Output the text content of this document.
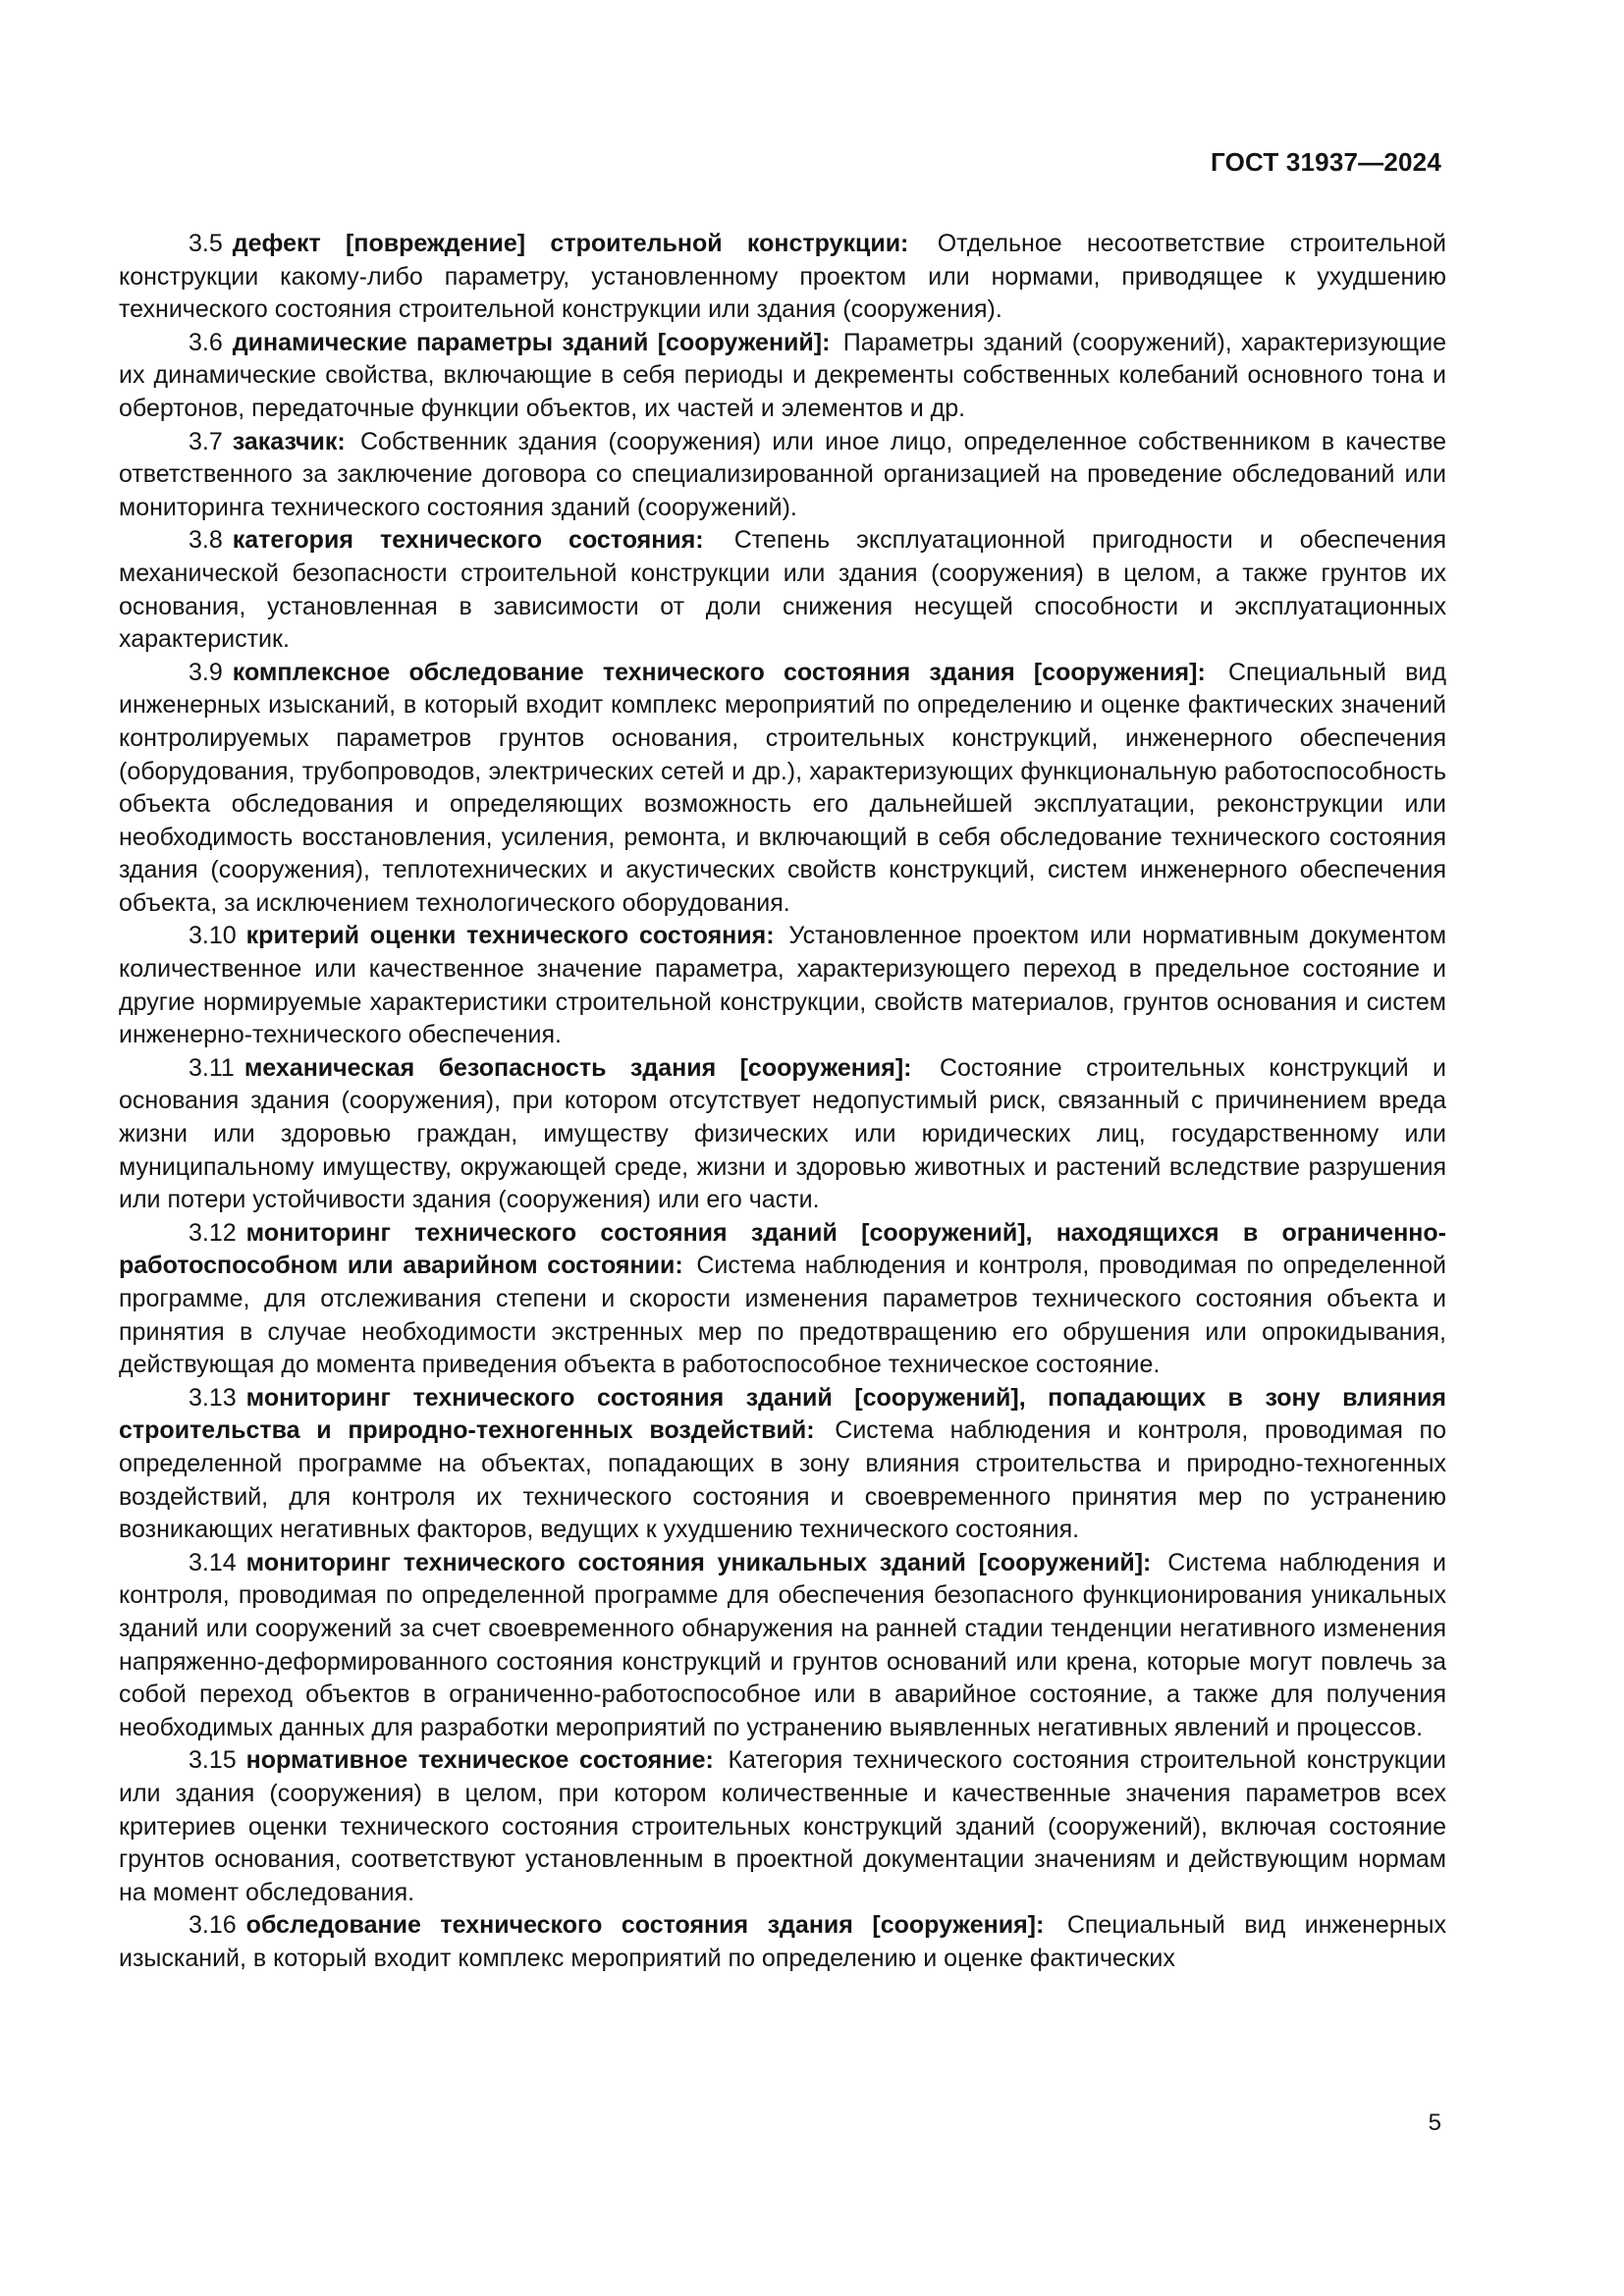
ГОСТ 31937—2024

3.5 дефект [повреждение] строительной конструкции: Отдельное несоответствие строительной конструкции какому-либо параметру, установленному проектом или нормами, приводящее к ухудшению технического состояния строительной конструкции или здания (сооружения).

3.6 динамические параметры зданий [сооружений]: Параметры зданий (сооружений), характеризующие их динамические свойства, включающие в себя периоды и декременты собственных колебаний основного тона и обертонов, передаточные функции объектов, их частей и элементов и др.

3.7 заказчик: Собственник здания (сооружения) или иное лицо, определенное собственником в качестве ответственного за заключение договора со специализированной организацией на проведение обследований или мониторинга технического состояния зданий (сооружений).

3.8 категория технического состояния: Степень эксплуатационной пригодности и обеспечения механической безопасности строительной конструкции или здания (сооружения) в целом, а также грунтов их основания, установленная в зависимости от доли снижения несущей способности и эксплуатационных характеристик.

3.9 комплексное обследование технического состояния здания [сооружения]: Специальный вид инженерных изысканий, в который входит комплекс мероприятий по определению и оценке фактических значений контролируемых параметров грунтов основания, строительных конструкций, инженерного обеспечения (оборудования, трубопроводов, электрических сетей и др.), характеризующих функциональную работоспособность объекта обследования и определяющих возможность его дальнейшей эксплуатации, реконструкции или необходимость восстановления, усиления, ремонта, и включающий в себя обследование технического состояния здания (сооружения), теплотехнических и акустических свойств конструкций, систем инженерного обеспечения объекта, за исключением технологического оборудования.

3.10 критерий оценки технического состояния: Установленное проектом или нормативным документом количественное или качественное значение параметра, характеризующего переход в предельное состояние и другие нормируемые характеристики строительной конструкции, свойств материалов, грунтов основания и систем инженерно-технического обеспечения.

3.11 механическая безопасность здания [сооружения]: Состояние строительных конструкций и основания здания (сооружения), при котором отсутствует недопустимый риск, связанный с причинением вреда жизни или здоровью граждан, имуществу физических или юридических лиц, государственному или муниципальному имуществу, окружающей среде, жизни и здоровью животных и растений вследствие разрушения или потери устойчивости здания (сооружения) или его части.

3.12 мониторинг технического состояния зданий [сооружений], находящихся в ограниченно-работоспособном или аварийном состоянии: Система наблюдения и контроля, проводимая по определенной программе, для отслеживания степени и скорости изменения параметров технического состояния объекта и принятия в случае необходимости экстренных мер по предотвращению его обрушения или опрокидывания, действующая до момента приведения объекта в работоспособное техническое состояние.

3.13 мониторинг технического состояния зданий [сооружений], попадающих в зону влияния строительства и природно-техногенных воздействий: Система наблюдения и контроля, проводимая по определенной программе на объектах, попадающих в зону влияния строительства и природно-техногенных воздействий, для контроля их технического состояния и своевременного принятия мер по устранению возникающих негативных факторов, ведущих к ухудшению технического состояния.

3.14 мониторинг технического состояния уникальных зданий [сооружений]: Система наблюдения и контроля, проводимая по определенной программе для обеспечения безопасного функционирования уникальных зданий или сооружений за счет своевременного обнаружения на ранней стадии тенденции негативного изменения напряженно-деформированного состояния конструкций и грунтов оснований или крена, которые могут повлечь за собой переход объектов в ограниченно-работоспособное или в аварийное состояние, а также для получения необходимых данных для разработки мероприятий по устранению выявленных негативных явлений и процессов.

3.15 нормативное техническое состояние: Категория технического состояния строительной конструкции или здания (сооружения) в целом, при котором количественные и качественные значения параметров всех критериев оценки технического состояния строительных конструкций зданий (сооружений), включая состояние грунтов основания, соответствуют установленным в проектной документации значениям и действующим нормам на момент обследования.

3.16 обследование технического состояния здания [сооружения]: Специальный вид инженерных изысканий, в который входит комплекс мероприятий по определению и оценке фактических

5
